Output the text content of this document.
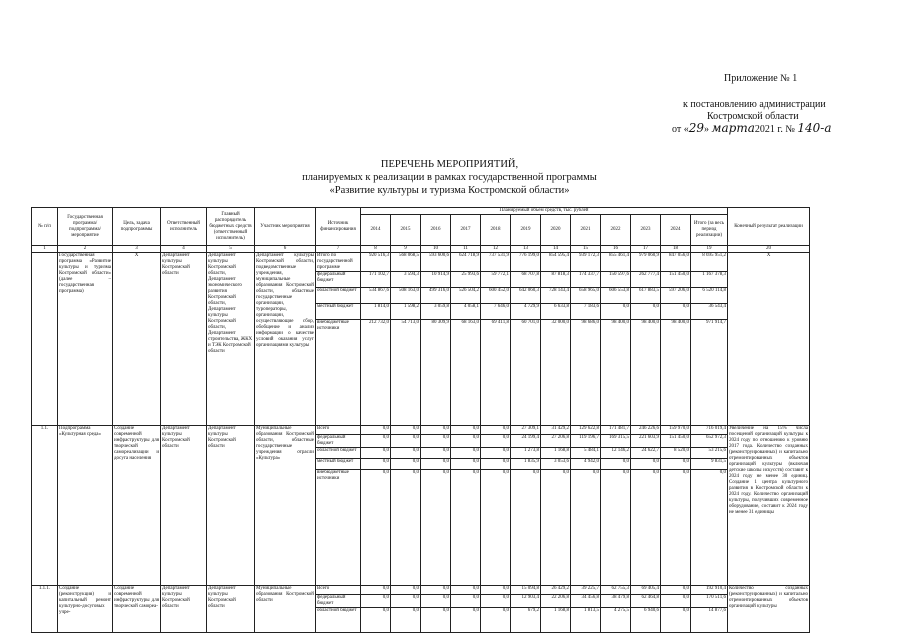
Приложение № 1
к постановлению администрации
Костромской области
от «29» марта2021 г. № 140-а
ПЕРЕЧЕНЬ МЕРОПРИЯТИЙ,
планируемых к реализации в рамках государственной программы
«Развитие культуры и туризма Костромской области»
№ п/п	Государственная программа/подпрограмма/мероприятие	Цель, задача подпрограммы	Ответственный исполнитель	Главный распорядитель бюджетных средств (ответственный исполнитель)	Участник мероприятия	Источник финансирования	Планируемый объем средств, тыс. рублей												Конечный результат реализации
							2014	2015	2016	2017	2018	2019	2020	2021	2022	2023	2024	Итого (за весь период реализации)	
1	2	3	4	5	6	7	8	9	10	11	12	13	14	15	16	17	18	19	20
	Государственная программа «Развитие культуры и туризма Костромской области» (далее – государственная программа)	Х	Департамент культуры Костромской области	Департамент культуры Костромской области, Департамент экономического развития Костромской области, Департамент культуры Костромской области, Департамент строительства, ЖКХ и ТЭК Костромской области	Департамент культуры Костромской области, подведомственные учреждения, муниципальные образования Костромской области, областные государственные организации, туроператоры, организации, осуществляющие сбор, обобщение и анализ информации о качестве условий оказания услуг организациями культуры	Итого по государственной программе	920 516,3	568 068,5	593 600,6	624 718,9	737 531,9	776 199,0	854 595,4	939 172,3	855 461,4	979 060,9	847 056,0	8 695 951,2	Х
						федеральный бюджет	171 102,7	3 594,3	10 914,9	25 993,6	59 772,1	68 707,8	87 818,3	174 337,7	150 597,6	262 777,4	151 450,0	1 167 378,3	
						областной бюджет	534 867,6	508 163,0	499 316,0	526 504,2	600 452,0	642 060,3	728 143,4	658 965,0	606 553,8	617 883,5	597 206,0	6 520 114,8	
						местный бюджет	1 814,0	1 598,2	3 059,8	4 058,1	7 646,0	4 729,9	6 633,8	7 183,6	0,0	0,0	0,0	36 543,4	
						внебюджетные источники	212 732,0	54 713,0	80 309,9	68 163,0	69 411,8	60 701,0	32 000,0	98 686,0	98 400,0	98 400,0	98 400,0	971 914,7	
1.1.	Подпрограмма «Культурная среда»	Создание современной инфраструктуры для творческой самореализации и досуга населения	Департамент культуры Костромской области	Департамент культуры Костромской области	Муниципальные образования Костромской области, областные государственные учреждения отрасли «Культура»	Всего	0,0	0,0	0,0	0,0	0,0	27 309,1	31 429,2	129 622,8	171 481,7	246 226,6	159 970,0	716 019,4	Увеличение на 15% числа посещений организаций культуры к 2024 году по отношению к уровню 2017 года. Количество созданных (реконструированных) и капитально отремонтированных объектов организаций культуры (включая детские школы искусств) составит к 2024 году не менее 30 единиц. Создание 1 центра культурного развития в Костромской области к 2024 году. Количество организаций культуры, получивших современное оборудование, составит к 2024 году не менее 31 единицы
						федеральный бюджет	0,0	0,0	0,0	0,0	0,0	24 199,4	27 206,8	119 196,7	169 315,5	221 603,9	151 450,0	652 972,3	
						областной бюджет	0,0	0,0	0,0	0,0	0,0	1 273,8	1 168,8	5 484,1	12 146,2	24 622,7	8 520,0	53 215,6	
						местный бюджет	0,0	0,0	0,0	0,0	0,0	1 835,9	3 053,6	4 942,0	0,0	0,0	0,0	9 831,5	
						внебюджетные источники	0,0	0,0	0,0	0,0	0,0	0,0	0,0	0,0	0,0	0,0	0,0	0,0	
1.1.1.	Создание (реконструкция) и капитальный ремонт культурно-досуговых учре-	Создание современной инфраструктуры для творческой самореа-	Департамент культуры Костромской области	Департамент культуры Костромской области	Муниципальные образования Костромской области	Всего	0,0	0,0	0,0	0,0	0,0	15 094,8	26 429,2	39 225,7	62 755,3	69 405,4	0,0	192 910,4	Количество созданных (реконструированных) и капитально отремонтированных объектов организаций культуры
						федеральный бюджет	0,0	0,0	0,0	0,0	0,0	12 903,4	22 206,8	34 456,8	38 479,8	62 464,8	0,0	170 511,6	
						областной бюджет	0,0	0,0	0,0	0,0	0,0	679,2	1 168,8	1 813,5	4 275,5	6 940,6	0,0	14 877,6	
